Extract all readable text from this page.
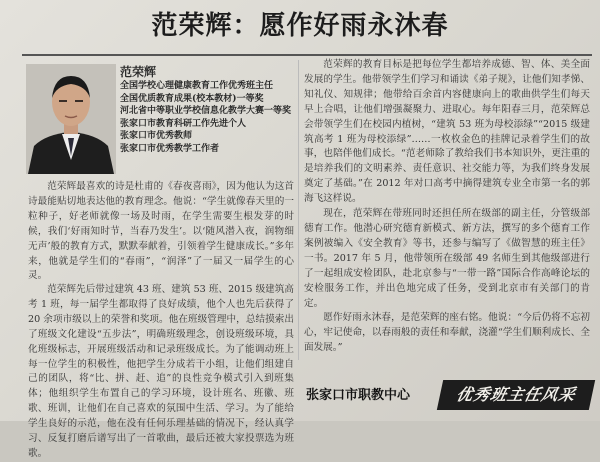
范荣辉：愿作好雨永沐春
范荣辉
全国学校心理健康教育工作优秀班主任
全国优质教育成果(校本教材)一等奖
河北省中等职业学校信息化教学大赛一等奖
张家口市教育科研工作先进个人
张家口市优秀教师
张家口市优秀教学工作者

范荣辉最喜欢的诗是杜甫的《春夜喜雨》，因为他认为这首诗最能贴切地表达他的教育理念。他说：“学生就像春天里的一粒种子，好老师就像一场及时雨，在学生需要生根发芽的时候，我们‘好雨知时节，当春乃发生’。以‘随风潜入夜，润物细无声’般的教育方式，默默奉献着，引领着学生健康成长。”多年来，他就是学生们的“春雨”，“润泽”了一届又一届学生的心灵。

范荣辉先后带过建筑 43 班、建筑 53 班、2015 级建筑高考 1 班，每一届学生都取得了良好成绩，他个人也先后获得了 20 余项市级以上的荣誉和奖项。他在班级管理中，总结摸索出了班级文化建设“五步法”，明确班级理念，创设班级环境，具化班级标志，开展班级活动和记录班级成长。为了能调动班上每一位学生的积极性，他把学生分成若干小组，让他们组建自己的团队，将“比、拼、赶、追”的良性竞争模式引入到班集体；他组织学生布置自己的学习环境，设计班名、班徽、班歌、班训，让他们在自己喜欢的氛围中生活、学习。为了能给学生良好的示范，他在没有任何乐理基础的情况下，经认真学习、反复打磨后谱写出了一首歌曲，最后还被大家投票选为班歌。

范荣辉的教育目标是把每位学生都培养成德、智、体、美全面发展的学生。他带领学生们学习和诵读《弟子规》，让他们知孝悌、知礼仪、知规律；他带给百余首内容健康向上的歌曲供学生们每天早上合唱，让他们增强凝聚力、进取心。每年阳春三月，范荣辉总会带领学生们在校园内植树，“建筑 53 班为母校添绿”“2015 级建筑高考 1 班为母校添绿”……一枚枚金色的挂牌记录着学生们的故事，也陪伴他们成长。“范老师除了教给我们书本知识外，更注重的是培养我们的文明素养、责任意识、社交能力等，为我们终身发展奠定了基础。”在 2012 年对口高考中摘得建筑专业全市第一名的郭海飞这样说。

现在，范荣辉在带班同时还担任所在级部的副主任，分管级部德育工作。他潜心研究德育新模式、新方法，撰写的多个德育工作案例被编入《安全教育》等书，还参与编写了《做智慧的班主任》一书。2017 年 5 月，他带领所在级部 49 名师生到其他级部进行了一起组成安检团队，赴北京参与“一带一路”国际合作高峰论坛的安检服务工作，并出色地完成了任务，受到北京市有关部门的肯定。

愿作好雨永沐春，是范荣辉的座右铭。他说：“今后仍将不忘初心，牢记使命，以春雨般的责任和奉献，浇灌“学生们顺利成长、全面发展。”

张家口市职教中心	优秀班主任风采
